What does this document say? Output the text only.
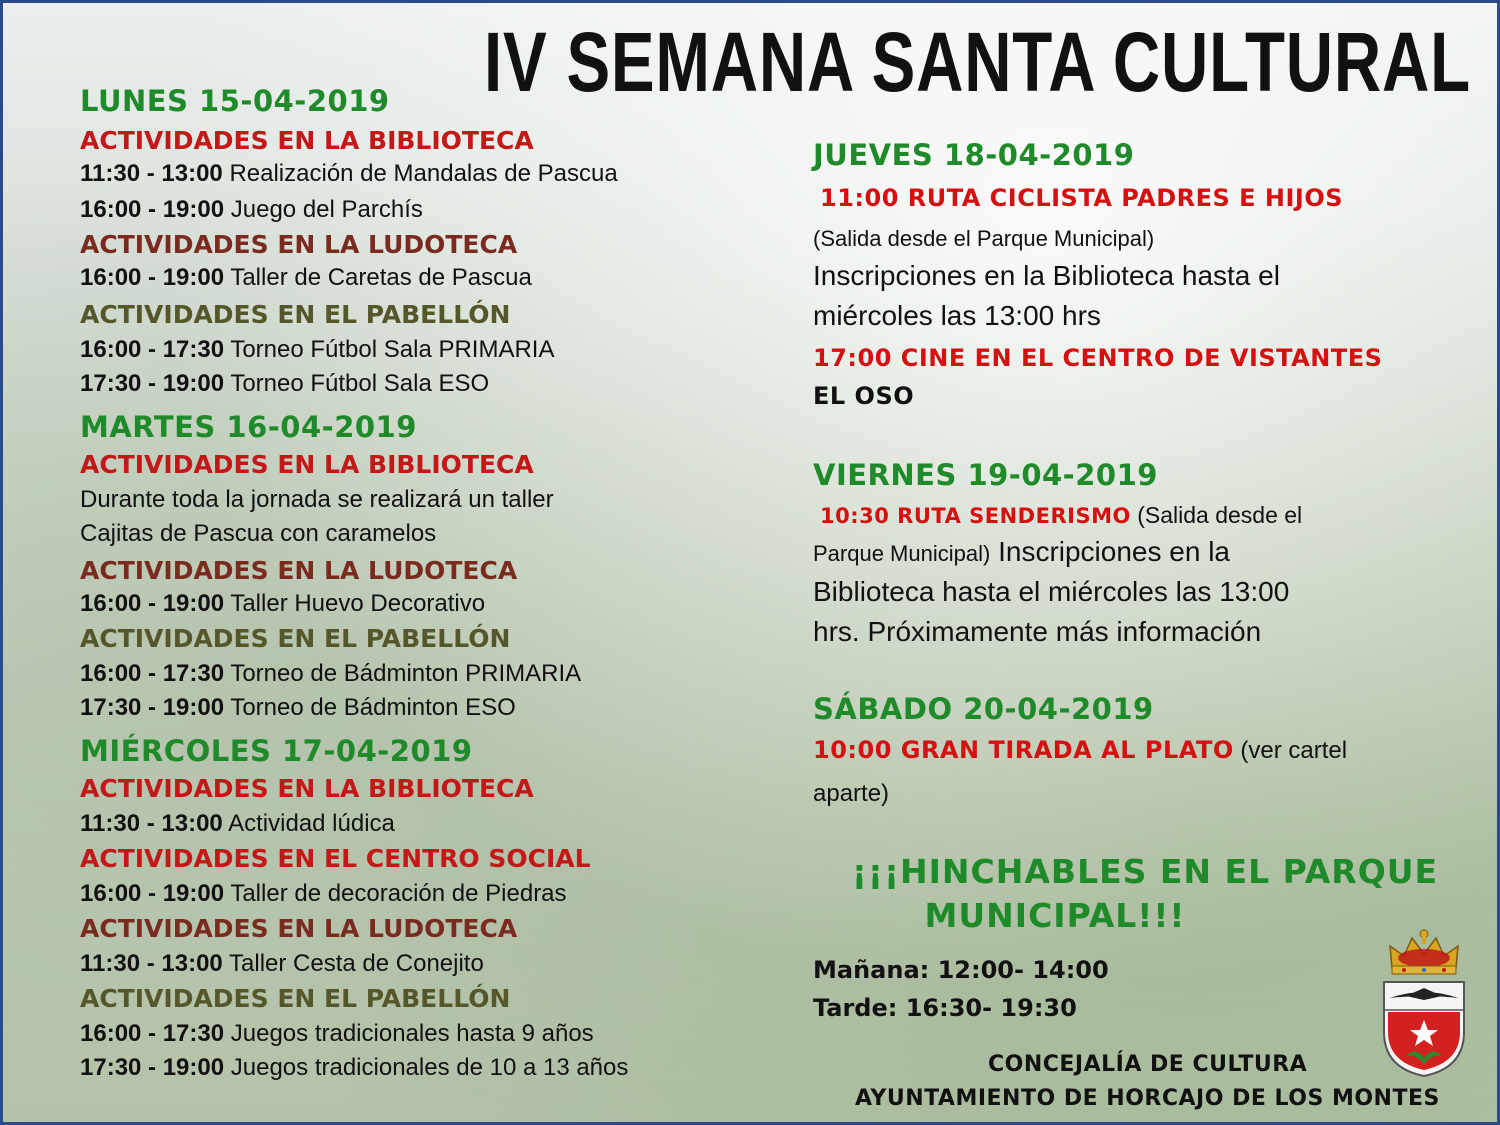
IV SEMANA SANTA CULTURAL
LUNES 15-04-2019
ACTIVIDADES EN LA BIBLIOTECA
11:30 - 13:00 Realización de Mandalas de Pascua
16:00 - 19:00 Juego del Parchís
ACTIVIDADES EN LA LUDOTECA
16:00 - 19:00 Taller de Caretas de Pascua
ACTIVIDADES EN EL PABELLÓN
16:00 - 17:30 Torneo Fútbol Sala PRIMARIA
17:30 - 19:00 Torneo Fútbol Sala ESO
MARTES 16-04-2019
ACTIVIDADES EN LA BIBLIOTECA
Durante toda la jornada se realizará un taller
Cajitas de Pascua con caramelos
ACTIVIDADES EN LA LUDOTECA
16:00 - 19:00 Taller Huevo Decorativo
ACTIVIDADES EN EL PABELLÓN
16:00 - 17:30 Torneo de Bádminton PRIMARIA
17:30 - 19:00 Torneo de Bádminton ESO
MIÉRCOLES 17-04-2019
ACTIVIDADES EN LA BIBLIOTECA
11:30 - 13:00 Actividad lúdica
ACTIVIDADES EN EL CENTRO SOCIAL
16:00 - 19:00 Taller de decoración de Piedras
ACTIVIDADES EN LA LUDOTECA
11:30 - 13:00 Taller Cesta de Conejito
ACTIVIDADES EN EL PABELLÓN
16:00 - 17:30 Juegos tradicionales hasta 9 años
17:30 - 19:00 Juegos tradicionales de 10 a 13 años
JUEVES 18-04-2019
11:00 RUTA CICLISTA PADRES E HIJOS
(Salida desde el Parque Municipal)
Inscripciones en la Biblioteca hasta el
miércoles las 13:00 hrs
17:00 CINE EN EL CENTRO DE VISTANTES
EL OSO
VIERNES 19-04-2019
10:30 RUTA SENDERISMO (Salida desde el
Parque Municipal) Inscripciones en la
Biblioteca hasta el miércoles las 13:00
hrs. Próximamente más información
SÁBADO 20-04-2019
10:00 GRAN TIRADA AL PLATO (ver cartel
aparte)
¡¡¡HINCHABLES EN EL PARQUE
MUNICIPAL!!!
Mañana: 12:00- 14:00
Tarde: 16:30- 19:30
CONCEJALÍA DE CULTURA
AYUNTAMIENTO DE HORCAJO DE LOS MONTES
